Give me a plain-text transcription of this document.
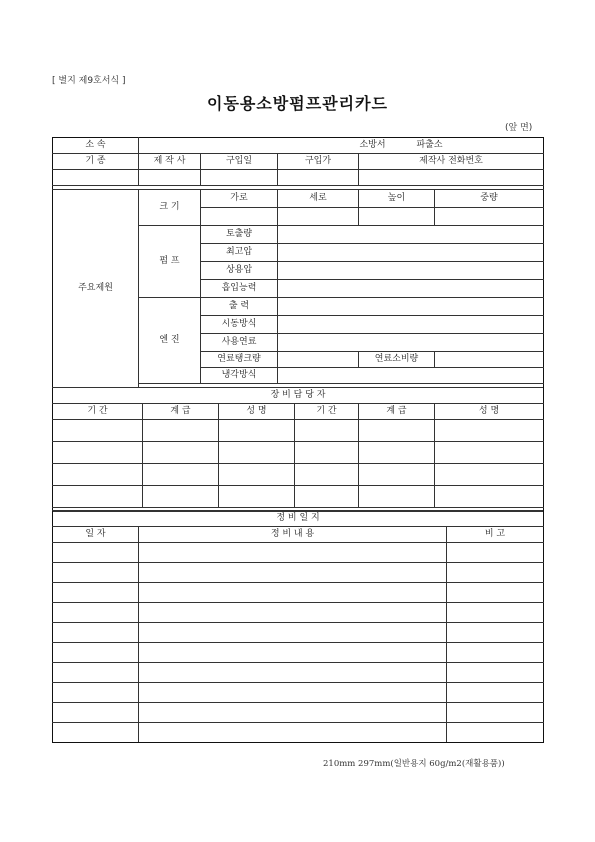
[ 별지 제9호서식 ]
이동용소방펌프관리카드
(앞 면)
소 속	소방서 파출소				
기 종	제 작 사	구입일	구입가	제작사 전화번호	

주요제원	크 기	가로	세로	높이	중량

	펌 프	토출량			
		최고압			
		상용압			
		흡입능력			
	엔 진	출 력			
		시동방식			
		사용연료			
		연료탱크량		연료소비량	
		냉각방식			

장 비 담 당 자					
기 간	계 급	성 명	기 간	계 급	성 명

정 비 일 지		
일 자	정 비 내 용	비 고

210mm 297mm(일반용지 60g/m2(재활용품))
